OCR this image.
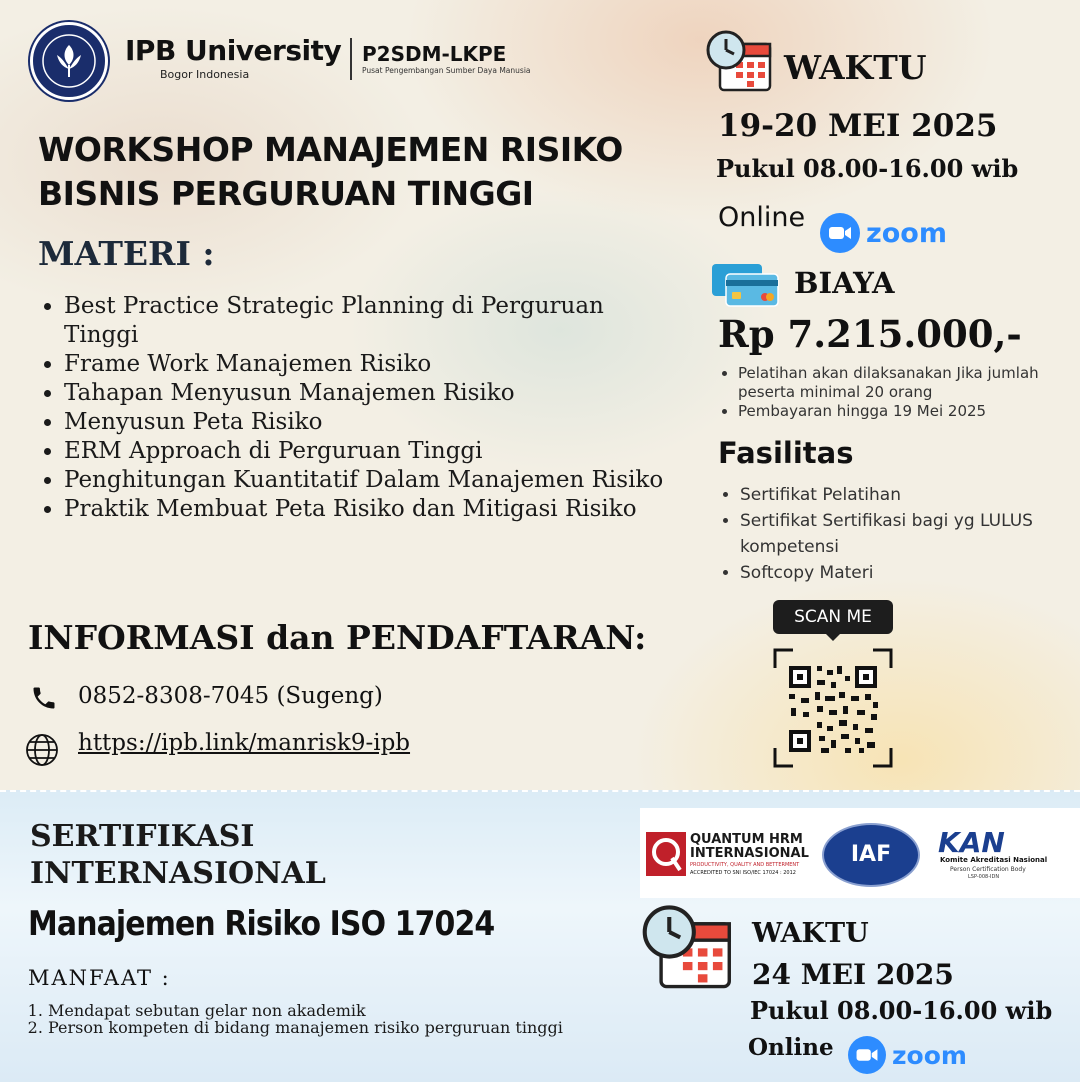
IPB University
Bogor Indonesia
P2SDM-LKPE
Pusat Pengembangan Sumber Daya Manusia
WORKSHOP MANAJEMEN RISIKO
BISNIS PERGURUAN TINGGI
MATERI :
• Best Practice Strategic Planning di Perguruan Tinggi
• Frame Work Manajemen Risiko
• Tahapan Menyusun Manajemen Risiko
• Menyusun Peta Risiko
• ERM Approach di Perguruan Tinggi
• Penghitungan Kuantitatif Dalam Manajemen Risiko
• Praktik Membuat Peta Risiko dan Mitigasi Risiko
INFORMASI dan PENDAFTARAN:
0852-8308-7045 (Sugeng)
https://ipb.link/manrisk9-ipb
WAKTU
19-20 MEI 2025
Pukul 08.00-16.00 wib
Online zoom
BIAYA
Rp 7.215.000,-
• Pelatihan akan dilaksanakan Jika jumlah peserta minimal 20 orang
• Pembayaran hingga 19 Mei 2025
Fasilitas
• Sertifikat Pelatihan
• Sertifikat Sertifikasi bagi yg LULUS kompetensi
• Softcopy Materi
SCAN ME
SERTIFIKASI
INTERNASIONAL
Manajemen Risiko ISO 17024
MANFAAT :
1. Mendapat sebutan gelar non akademik
2. Person kompeten di bidang manajemen risiko perguruan tinggi
QUANTUM HRM
INTERNASIONAL
PRODUCTIVITY, QUALITY AND BETTERMENT
ACCREDITED TO SNI ISO/IEC 17024 : 2012
IAF	KAN
Komite Akreditasi Nasional
Person Certification Body
LSP-008-IDN
WAKTU
24 MEI 2025
Pukul 08.00-16.00 wib
Online zoom
